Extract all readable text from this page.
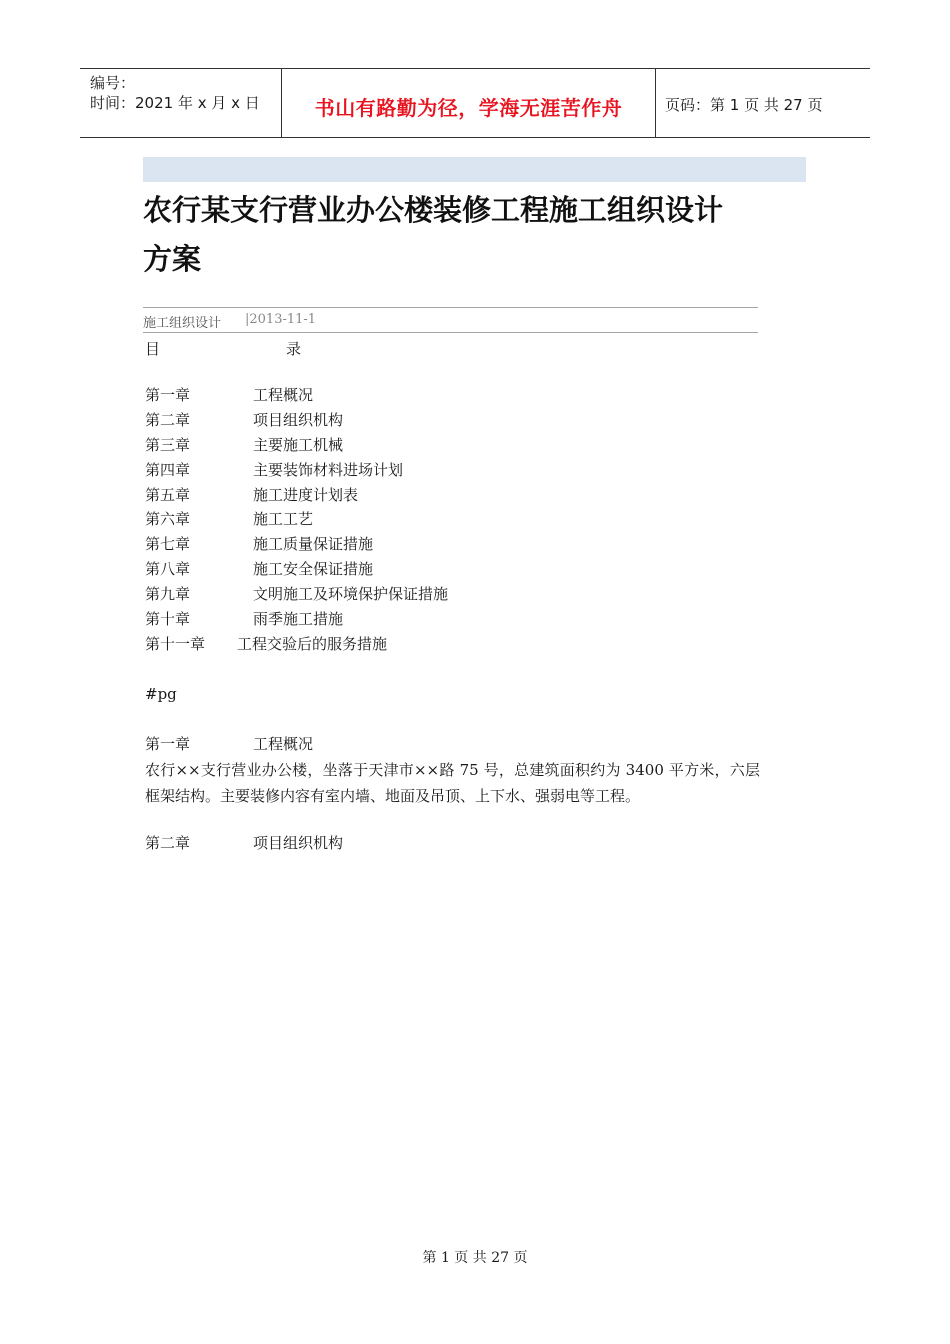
编号：
时间：2021 年 x 月 x 日	书山有路勤为径，学海无涯苦作舟	页码：第 1 页 共 27 页
农行某支行营业办公楼装修工程施工组织设计
方案
施工组织设计 |2013-11-1
目	录
第一章	工程概况
第二章	项目组织机构
第三章	主要施工机械
第四章	主要装饰材料进场计划
第五章	施工进度计划表
第六章	施工工艺
第七章	施工质量保证措施
第八章	施工安全保证措施
第九章	文明施工及环境保护保证措施
第十章	雨季施工措施
第十一章 工程交验后的服务措施
#pg
第一章	工程概况
农行××支行营业办公楼，坐落于天津市××路 75 号，总建筑面积约为 3400 平方米，六层框架结构。主要装修内容有室内墙、地面及吊顶、上下水、强弱电等工程。
第二章	项目组织机构
第 1 页 共 27 页
